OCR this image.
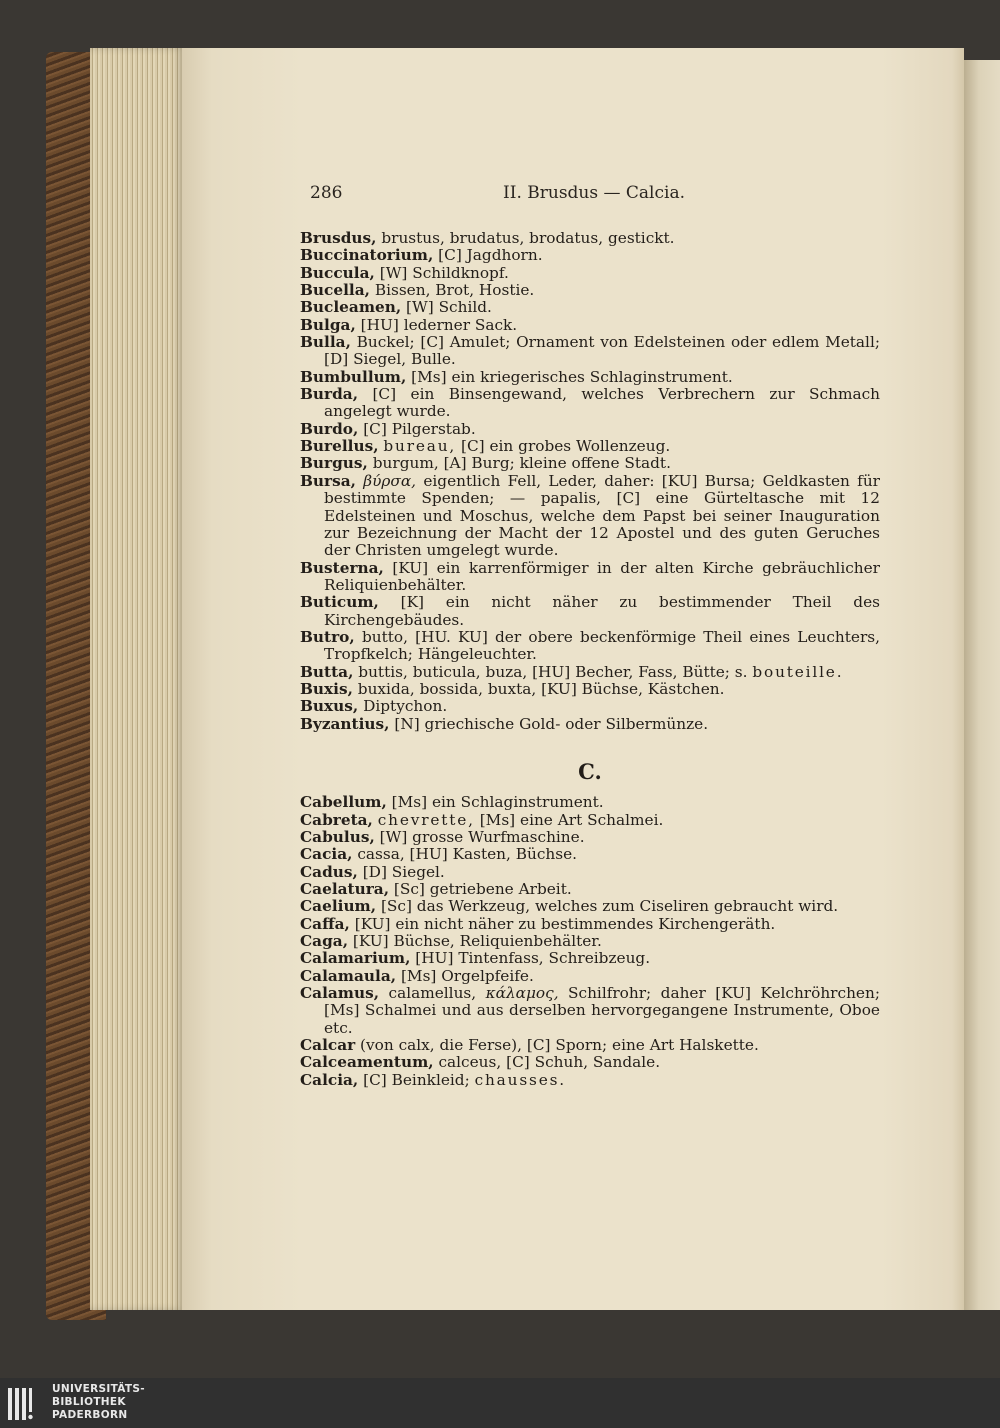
286	II. Brusdus — Calcia.

Brusdus, brustus, brudatus, brodatus, gestickt.

Buccinatorium, [C] Jagdhorn.

Buccula, [W] Schildknopf.

Bucella, Bissen, Brot, Hostie.

Bucleamen, [W] Schild.

Bulga, [HU] lederner Sack.

Bulla, Buckel; [C] Amulet; Ornament von Edelsteinen oder edlem Metall; [D] Siegel, Bulle.

Bumbullum, [Ms] ein kriegerisches Schlaginstrument.

Burda, [C] ein Binsengewand, welches Verbrechern zur Schmach angelegt wurde.

Burdo, [C] Pilgerstab.

Burellus, bureau, [C] ein grobes Wollenzeug.

Burgus, burgum, [A] Burg; kleine offene Stadt.

Bursa, βύρσα, eigentlich Fell, Leder, daher: [KU] Bursa; Geldkasten für bestimmte Spenden; — papalis, [C] eine Gürteltasche mit 12 Edelsteinen und Moschus, welche dem Papst bei seiner Inauguration zur Bezeichnung der Macht der 12 Apostel und des guten Geruches der Christen umgelegt wurde.

Busterna, [KU] ein karrenförmiger in der alten Kirche gebräuchlicher Reliquienbehälter.

Buticum, [K] ein nicht näher zu bestimmender Theil des Kirchengebäudes.

Butro, butto, [HU. KU] der obere beckenförmige Theil eines Leuchters, Tropfkelch; Hängeleuchter.

Butta, buttis, buticula, buza, [HU] Becher, Fass, Bütte; s. bouteille.

Buxis, buxida, bossida, buxta, [KU] Büchse, Kästchen.

Buxus, Diptychon.

Byzantius, [N] griechische Gold- oder Silbermünze.

C.

Cabellum, [Ms] ein Schlaginstrument.

Cabreta, chevrette, [Ms] eine Art Schalmei.

Cabulus, [W] grosse Wurfmaschine.

Cacia, cassa, [HU] Kasten, Büchse.

Cadus, [D] Siegel.

Caelatura, [Sc] getriebene Arbeit.

Caelium, [Sc] das Werkzeug, welches zum Ciseliren gebraucht wird.

Caffa, [KU] ein nicht näher zu bestimmendes Kirchengeräth.

Caga, [KU] Büchse, Reliquienbehälter.

Calamarium, [HU] Tintenfass, Schreibzeug.

Calamaula, [Ms] Orgelpfeife.

Calamus, calamellus, κάλαμος, Schilfrohr; daher [KU] Kelchröhrchen; [Ms] Schalmei und aus derselben hervorgegangene Instrumente, Oboe etc.

Calcar (von calx, die Ferse), [C] Sporn; eine Art Halskette.

Calceamentum, calceus, [C] Schuh, Sandale.

Calcia, [C] Beinkleid; chausses.

UNIVERSITÄTS-
BIBLIOTHEK
PADERBORN
